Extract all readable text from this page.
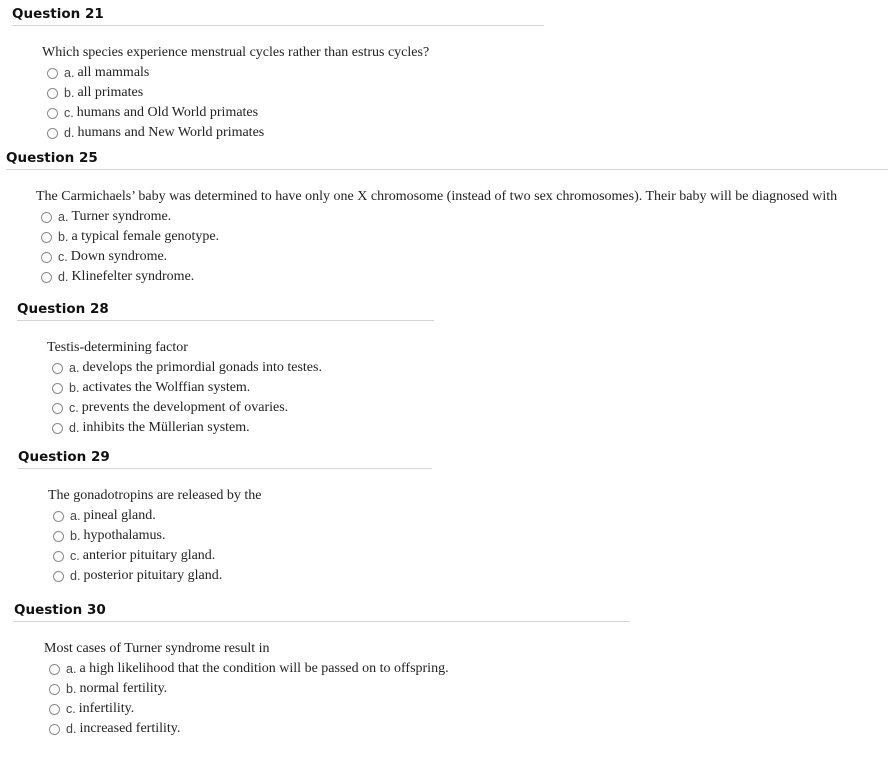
Question 21
Which species experience menstrual cycles rather than estrus cycles?
a. all mammals
b. all primates
c. humans and Old World primates
d. humans and New World primates
Question 25
The Carmichaels’ baby was determined to have only one X chromosome (instead of two sex chromosomes). Their baby will be diagnosed with
a. Turner syndrome.
b. a typical female genotype.
c. Down syndrome.
d. Klinefelter syndrome.
Question 28
Testis-determining factor
a. develops the primordial gonads into testes.
b. activates the Wolffian system.
c. prevents the development of ovaries.
d. inhibits the Müllerian system.
Question 29
The gonadotropins are released by the
a. pineal gland.
b. hypothalamus.
c. anterior pituitary gland.
d. posterior pituitary gland.
Question 30
Most cases of Turner syndrome result in
a. a high likelihood that the condition will be passed on to offspring.
b. normal fertility.
c. infertility.
d. increased fertility.
